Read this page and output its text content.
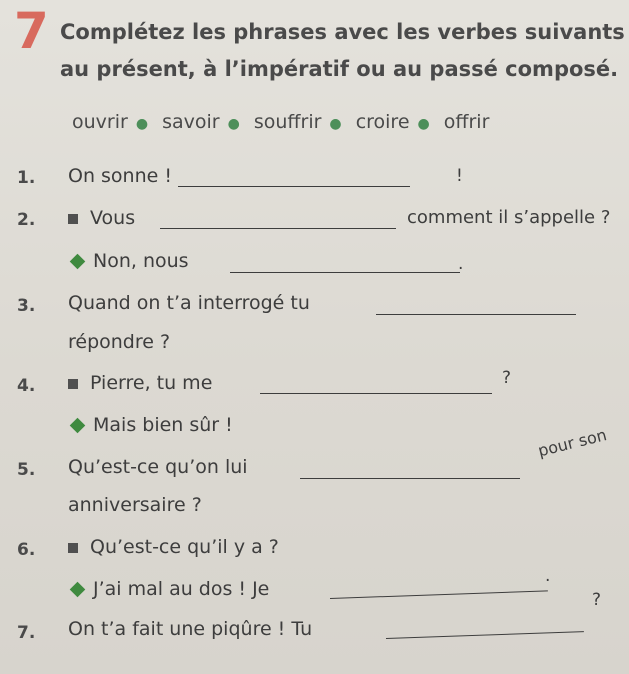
7 Complétez les phrases avec les verbes suivants
au présent, à l’impératif ou au passé composé.
ouvrir ● savoir ● souffrir ● croire ● offrir
1. On sonne !	!
2.	Vous	comment il s’appelle ?
Non, nous	.
3. Quand on t’a interrogé tu
répondre ?
4.	Pierre, tu me	?
Mais bien sûr !
5. Qu’est-ce qu’on lui
pour son
anniversaire ?
6.	Qu’est-ce qu’il y a ?
J’ai mal au dos ! Je
.
7. On t’a fait une piqûre ! Tu
?
